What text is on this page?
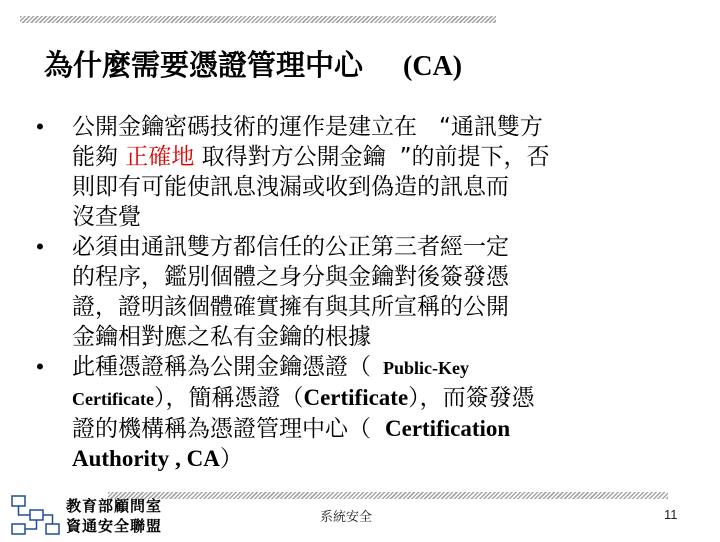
為什麼需要憑證管理中心 (CA)
• 公開金鑰密碼技術的運作是建立在 “通訊雙方
能夠 正確地 取得對方公開金鑰 ”的前提下，否
則即有可能使訊息洩漏或收到偽造的訊息而
沒查覺
• 必須由通訊雙方都信任的公正第三者經一定
的程序，鑑別個體之身分與金鑰對後簽發憑
證，證明該個體確實擁有與其所宣稱的公開
金鑰相對應之私有金鑰的根據
• 此種憑證稱為公開金鑰憑證（ Public-Key
Certificate），簡稱憑證（Certificate），而簽發憑
證的機構稱為憑證管理中心（ Certification
Authority , CA）
教育部顧問室
資通安全聯盟	系統安全	11
